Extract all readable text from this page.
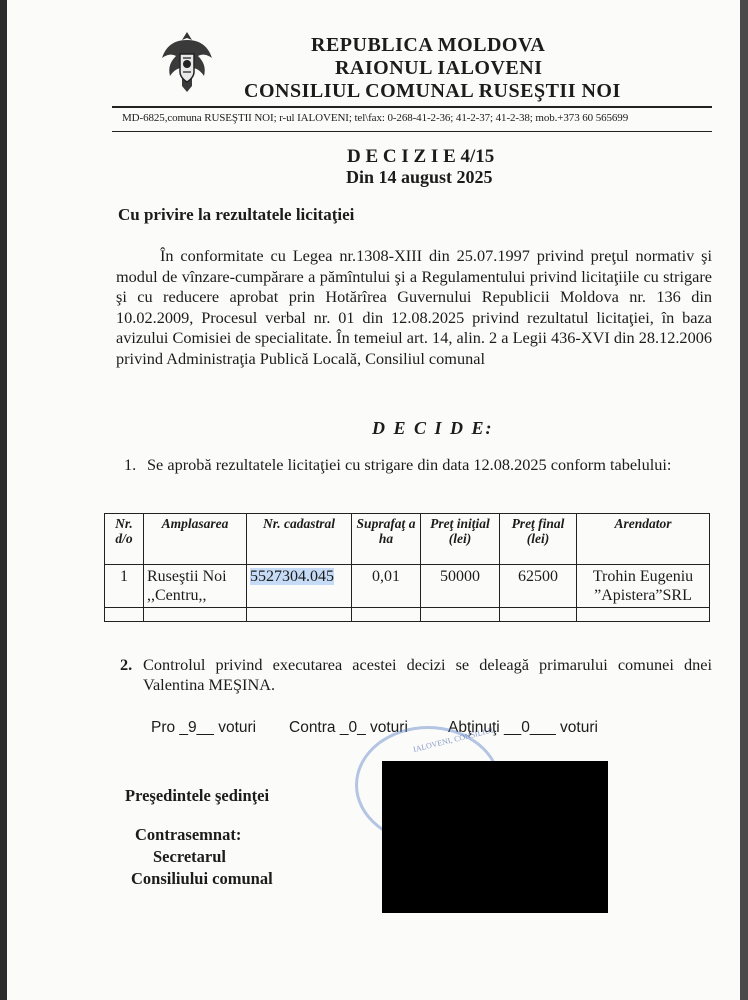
REPUBLICA MOLDOVA
RAIONUL IALOVENI
CONSILIUL COMUNAL RUSEŞTII NOI
MD-6825,comuna RUSEŞTII NOI; r-ul IALOVENI; tel\fax: 0-268-41-2-36; 41-2-37; 41-2-38; mob.+373 60 565699
D E C I Z I E 4/15
Din 14 august 2025
Cu privire la rezultatele licitaţiei
În conformitate cu Legea nr.1308-XIII din 25.07.1997 privind preţul normativ şi modul de vînzare-cumpărare a pămîntului şi a Regulamentului privind licitaţiile cu strigare şi cu reducere aprobat prin Hotărîrea Guvernului Republicii Moldova nr. 136 din 10.02.2009, Procesul verbal nr. 01 din 12.08.2025 privind rezultatul licitaţiei, în baza avizului Comisiei de specialitate. În temeiul art. 14, alin. 2 a Legii 436-XVI din 28.12.2006 privind Administraţia Publică Locală, Consiliul comunal
D E C I D E:
1. Se aprobă rezultatele licitaţiei cu strigare din data 12.08.2025 conform tabelului:
Nr. d/o	Amplasarea	Nr. cadastral	Suprafaţ a ha	Preţ iniţial (lei)	Preţ final (lei)	Arendator
1	Ruseştii Noi ,,Centru,,	5527304.045	0,01	50000	62500	Trohin Eugeniu ”Apistera”SRL

2. Controlul privind executarea acestei decizi se deleagă primarului comunei dnei Valentina MEŞINA.
Pro _9__ voturi Contra _0_ voturi	Abţinuţi __0___ voturi
IALOVENI, CONSILIUL
Preşedintele şedinţei
Contrasemnat:
Secretarul
Consiliului comunal
